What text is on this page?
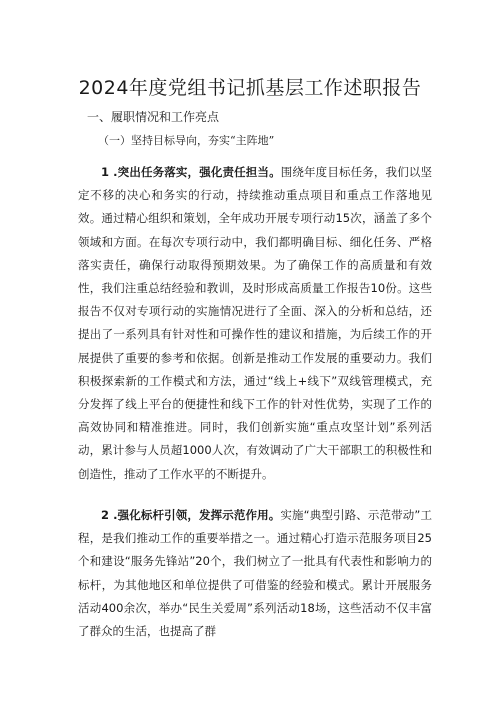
2024年度党组书记抓基层工作述职报告
一、履职情况和工作亮点
（一）坚持目标导向，夯实“主阵地”

1 .突出任务落实，强化责任担当。围绕年度目标任务，我们以坚定不移的决心和务实的行动，持续推动重点项目和重点工作落地见效。通过精心组织和策划，全年成功开展专项行动15次，涵盖了多个领域和方面。在每次专项行动中，我们都明确目标、细化任务、严格落实责任，确保行动取得预期效果。为了确保工作的高质量和有效性，我们注重总结经验和教训，及时形成高质量工作报告10份。这些报告不仅对专项行动的实施情况进行了全面、深入的分析和总结，还提出了一系列具有针对性和可操作性的建议和措施，为后续工作的开展提供了重要的参考和依据。创新是推动工作发展的重要动力。我们积极探索新的工作模式和方法，通过“线上+线下”双线管理模式，充分发挥了线上平台的便捷性和线下工作的针对性优势，实现了工作的高效协同和精准推进。同时，我们创新实施“重点攻坚计划”系列活动，累计参与人员超1000人次，有效调动了广大干部职工的积极性和创造性，推动了工作水平的不断提升。

2 .强化标杆引领，发挥示范作用。实施“典型引路、示范带动”工程，是我们推动工作的重要举措之一。通过精心打造示范服务项目25个和建设“服务先锋站”20个，我们树立了一批具有代表性和影响力的标杆，为其他地区和单位提供了可借鉴的经验和模式。累计开展服务活动400余次，举办“民生关爱周”系列活动18场，这些活动不仅丰富了群众的生活，也提高了群
